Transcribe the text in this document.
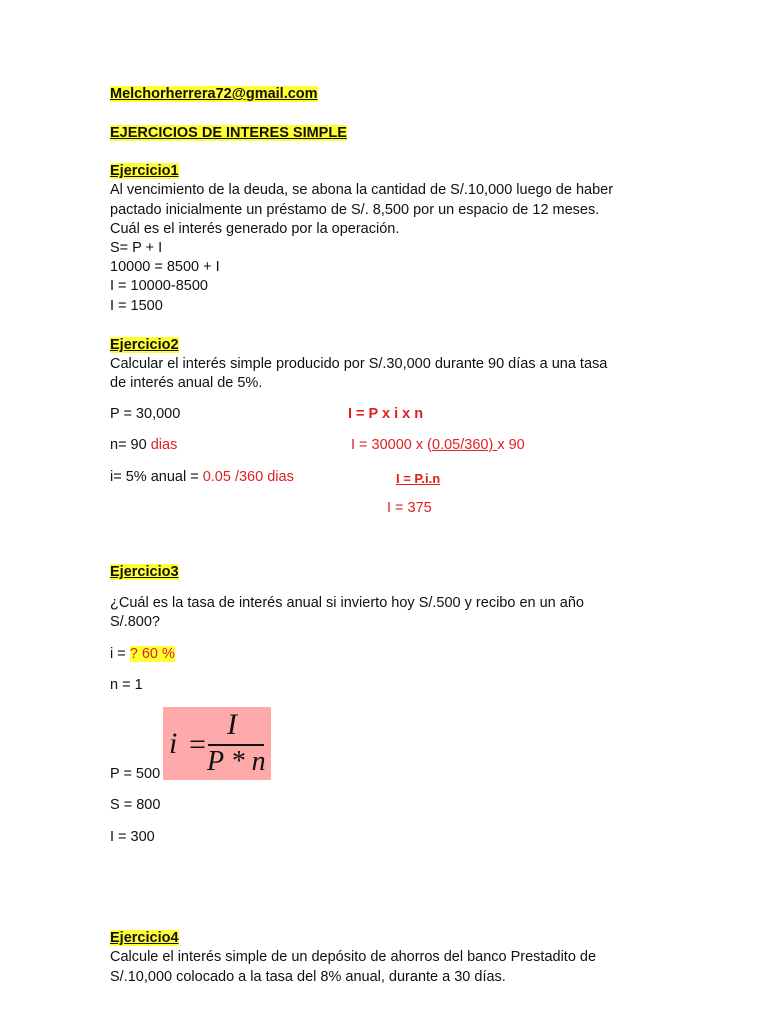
Melchorherrera72@gmail.com
EJERCICIOS DE INTERES SIMPLE
Ejercicio1
Al vencimiento de la deuda, se abona la cantidad de S/.10,000 luego de haber
pactado inicialmente un préstamo de S/. 8,500 por un espacio de 12 meses.
Cuál es el interés generado por la operación.
S= P + I
10000 = 8500 + I
I = 10000-8500
I = 1500
Ejercicio2
Calcular el interés simple producido por S/.30,000 durante 90 días a una tasa
de interés anual de 5%.
P = 30,000	I = P x i x n
n= 90 dias	I = 30000 x (0.05/360) x 90
i= 5% anual = 0.05 /360 dias	I = P.i.n
I = 375
Ejercicio3
¿Cuál es la tasa de interés anual si invierto hoy S/.500 y recibo en un año
S/.800?
i = ? 60 %
n = 1
i =
I
P * n
P = 500
S = 800
I = 300
Ejercicio4
Calcule el interés simple de un depósito de ahorros del banco Prestadito de
S/.10,000 colocado a la tasa del 8% anual, durante a 30 días.
